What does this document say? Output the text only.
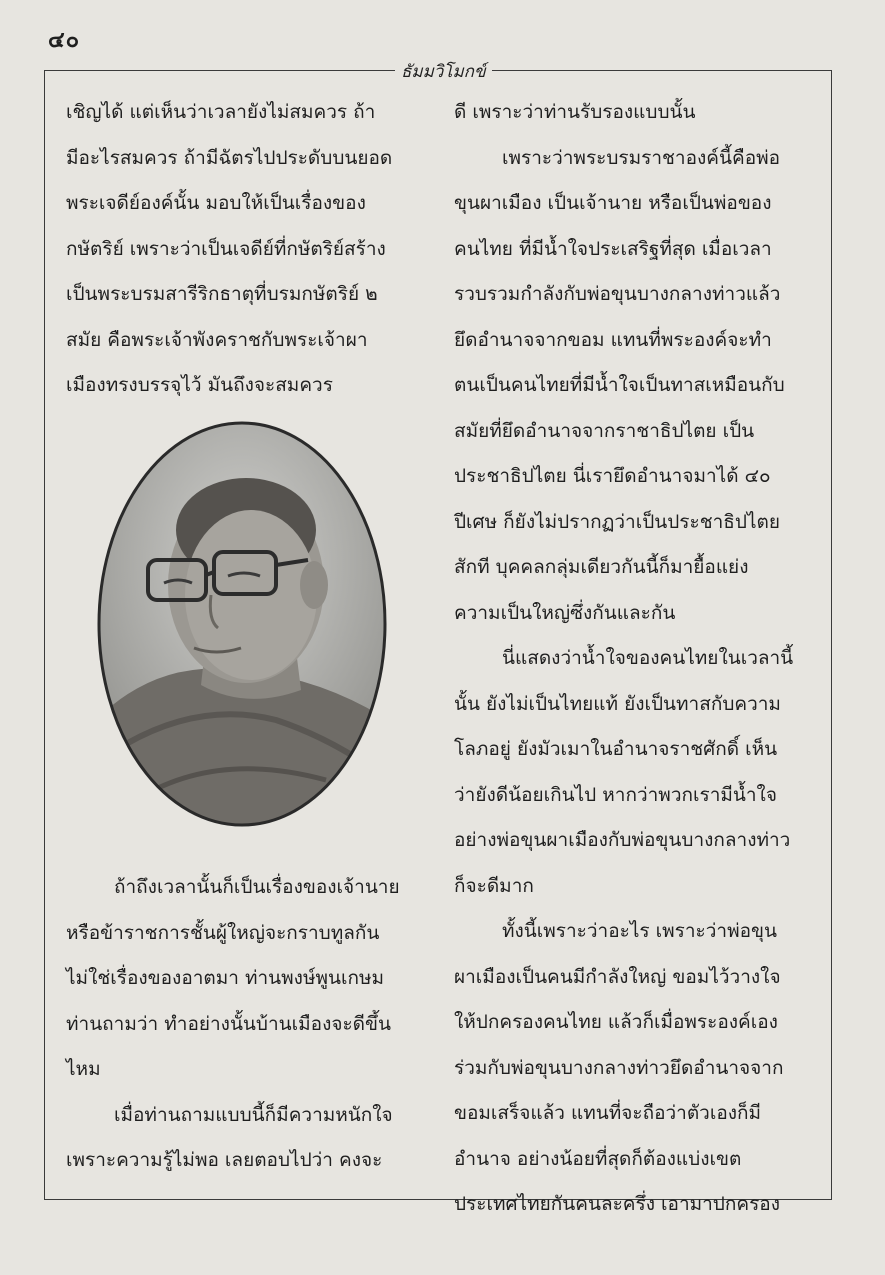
๔๐
ธัมมวิโมกข์

เชิญได้ แต่เห็นว่าเวลายังไม่สมควร ถ้า

มีอะไรสมควร ถ้ามีฉัตรไปประดับบนยอด

พระเจดีย์องค์นั้น มอบให้เป็นเรื่องของ

กษัตริย์ เพราะว่าเป็นเจดีย์ที่กษัตริย์สร้าง

เป็นพระบรมสารีริกธาตุที่บรมกษัตริย์ ๒

สมัย คือพระเจ้าพังคราชกับพระเจ้าผา

เมืองทรงบรรจุไว้ มันถึงจะสมควร

ถ้าถึงเวลานั้นก็เป็นเรื่องของเจ้านาย

หรือข้าราชการชั้นผู้ใหญ่จะกราบทูลกัน

ไม่ใช่เรื่องของอาตมา ท่านพงษ์พูนเกษม

ท่านถามว่า ทำอย่างนั้นบ้านเมืองจะดีขึ้น

ไหม

เมื่อท่านถามแบบนี้ก็มีความหนักใจ

เพราะความรู้ไม่พอ เลยตอบไปว่า คงจะ

ดี เพราะว่าท่านรับรองแบบนั้น

เพราะว่าพระบรมราชาองค์นี้คือพ่อ

ขุนผาเมือง เป็นเจ้านาย หรือเป็นพ่อของ

คนไทย ที่มีน้ำใจประเสริฐที่สุด เมื่อเวลา

รวบรวมกำลังกับพ่อขุนบางกลางท่าวแล้ว

ยึดอำนาจจากขอม แทนที่พระองค์จะทำ

ตนเป็นคนไทยที่มีน้ำใจเป็นทาสเหมือนกับ

สมัยที่ยึดอำนาจจากราชาธิปไตย เป็น

ประชาธิปไตย นี่เรายึดอำนาจมาได้ ๔๐

ปีเศษ ก็ยังไม่ปรากฏว่าเป็นประชาธิปไตย

สักที บุคคลกลุ่มเดียวกันนี้ก็มายื้อแย่ง

ความเป็นใหญ่ซึ่งกันและกัน

นี่แสดงว่าน้ำใจของคนไทยในเวลานี้

นั้น ยังไม่เป็นไทยแท้ ยังเป็นทาสกับความ

โลภอยู่ ยังมัวเมาในอำนาจราชศักดิ์ เห็น

ว่ายังดีน้อยเกินไป หากว่าพวกเรามีน้ำใจ

อย่างพ่อขุนผาเมืองกับพ่อขุนบางกลางท่าว

ก็จะดีมาก

ทั้งนี้เพราะว่าอะไร เพราะว่าพ่อขุน

ผาเมืองเป็นคนมีกำลังใหญ่ ขอมไว้วางใจ

ให้ปกครองคนไทย แล้วก็เมื่อพระองค์เอง

ร่วมกับพ่อขุนบางกลางท่าวยึดอำนาจจาก

ขอมเสร็จแล้ว แทนที่จะถือว่าตัวเองก็มี

อำนาจ อย่างน้อยที่สุดก็ต้องแบ่งเขต

ประเทศไทยกันคนละครึ่ง เอามาปกครอง
